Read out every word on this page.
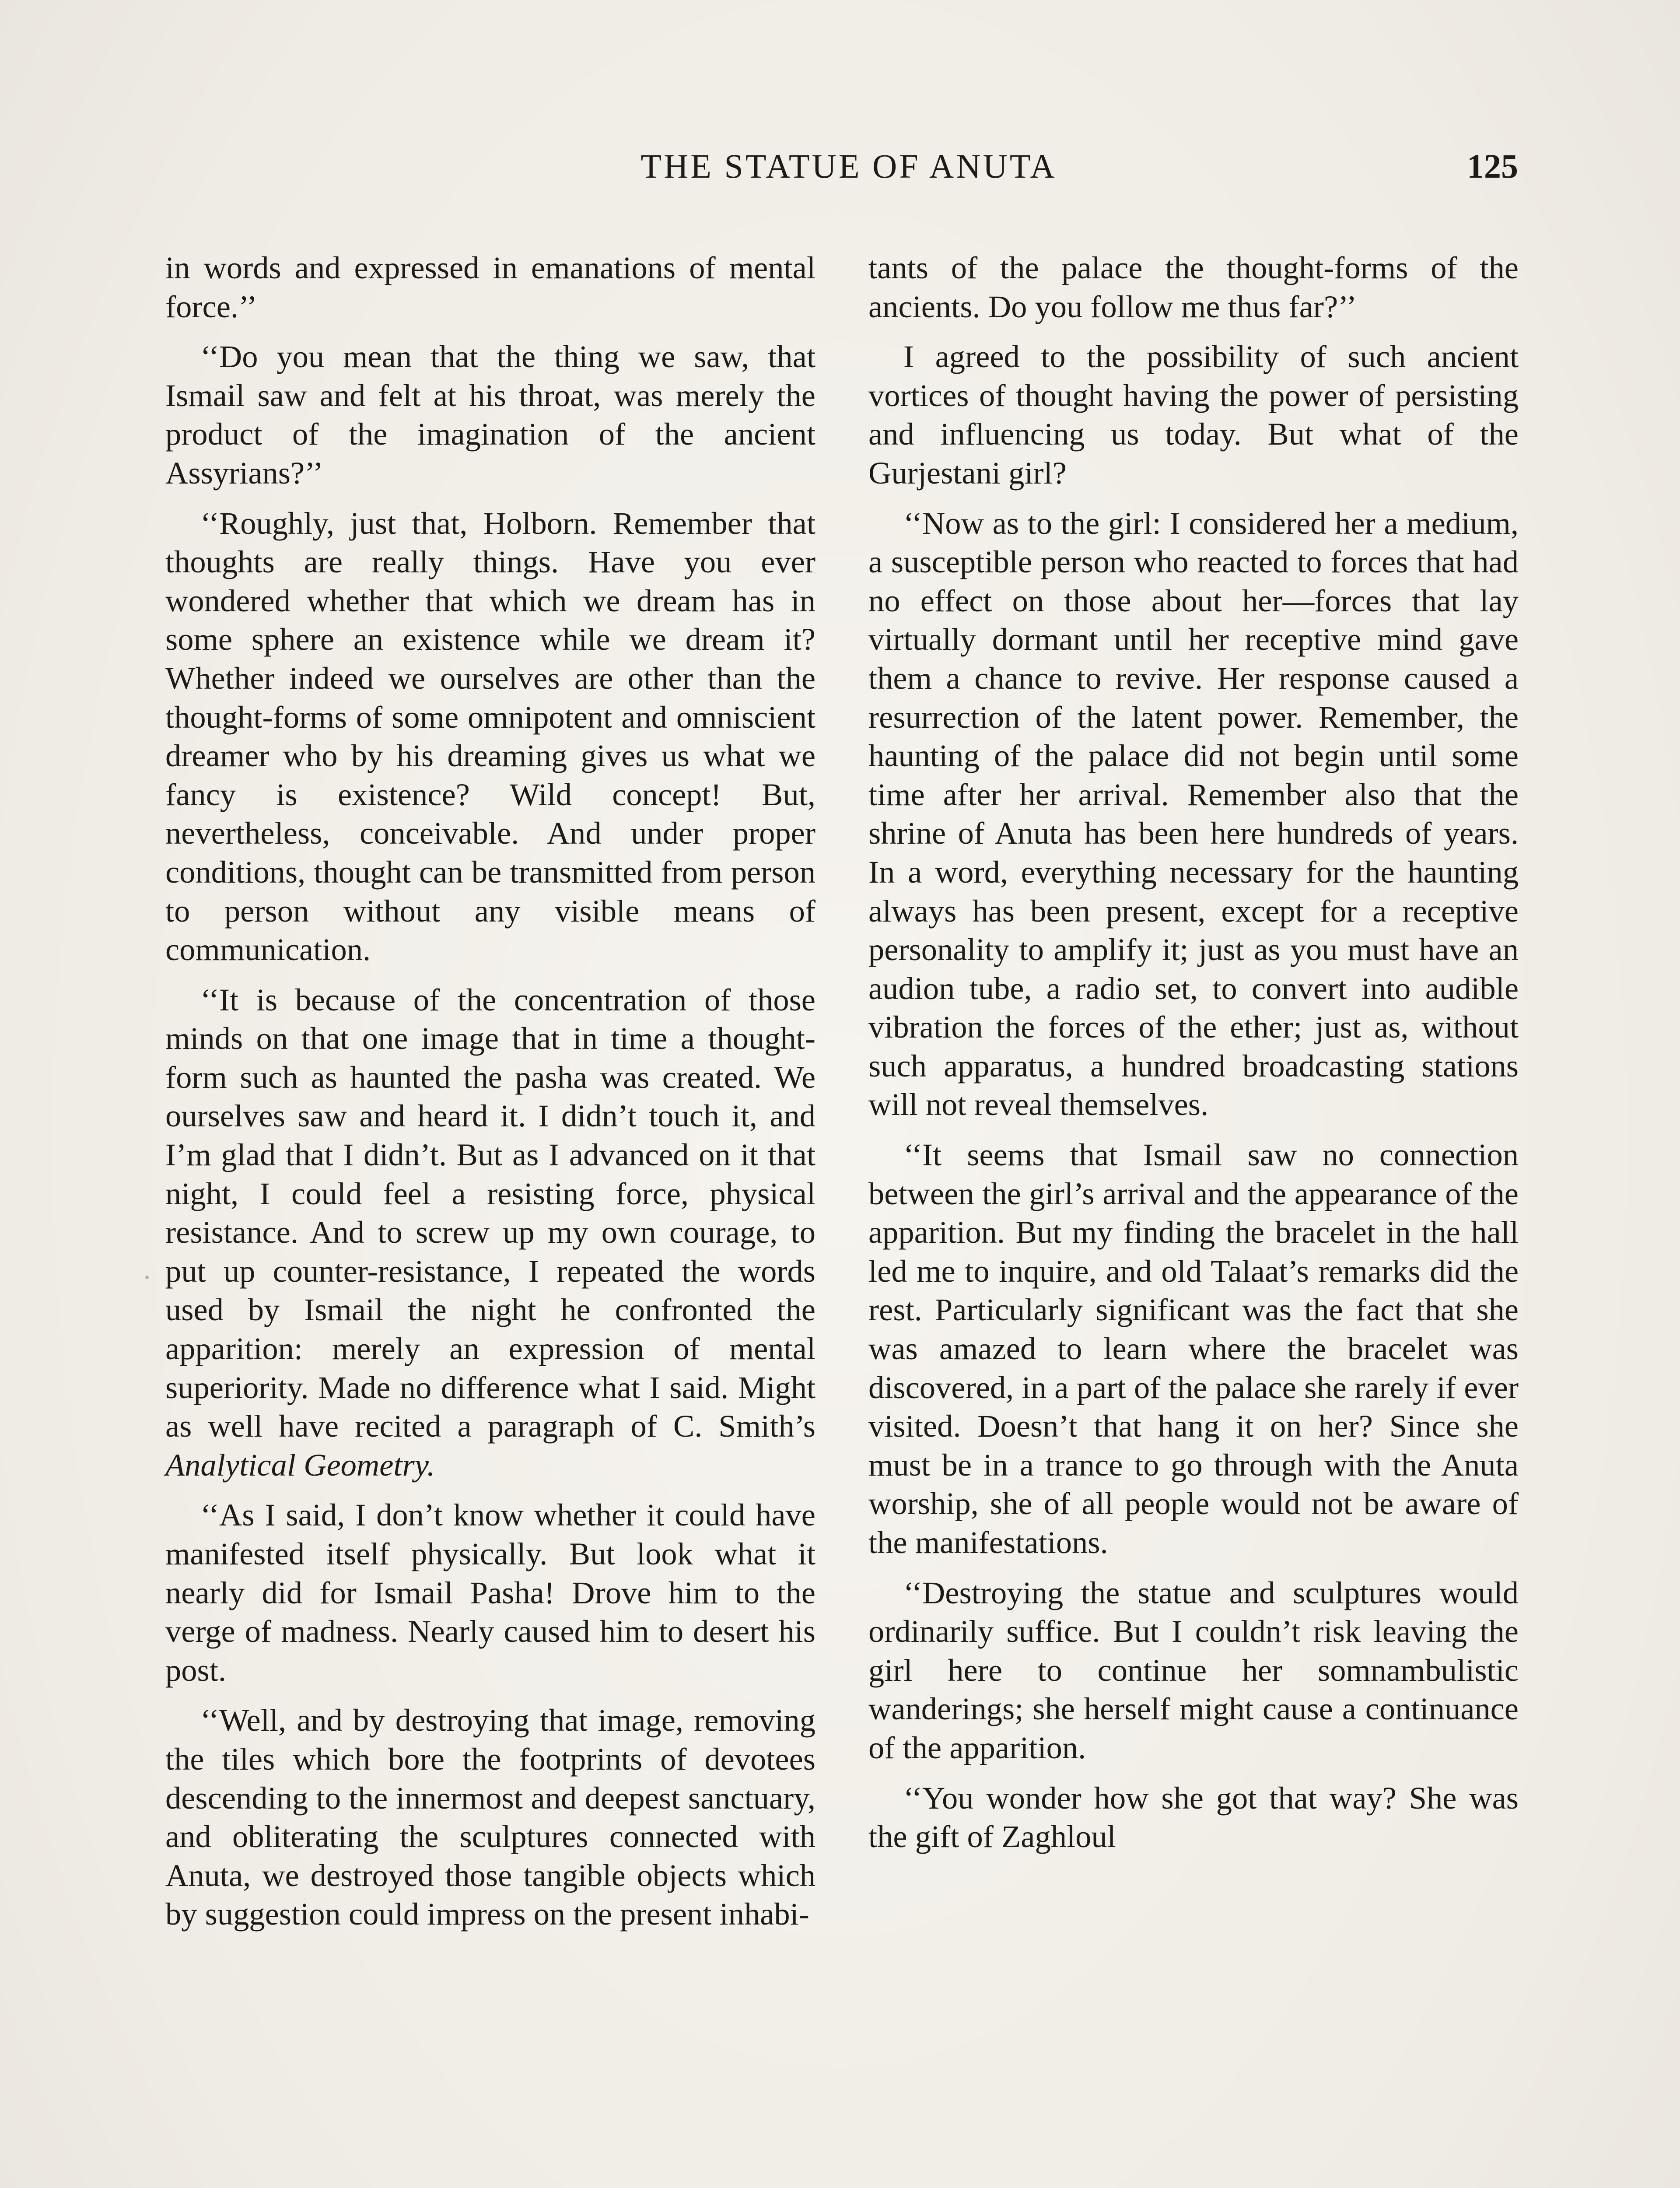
THE STATUE OF ANUTA	125

in words and expressed in emanations of mental force.’’

‘‘Do you mean that the thing we saw, that Ismail saw and felt at his throat, was merely the product of the imagination of the ancient Assyrians?’’

‘‘Roughly, just that, Holborn. Remember that thoughts are really things. Have you ever wondered whether that which we dream has in some sphere an existence while we dream it? Whether indeed we ourselves are other than the thought-forms of some omnipotent and omniscient dreamer who by his dreaming gives us what we fancy is existence? Wild concept! But, nevertheless, conceivable. And under proper conditions, thought can be transmitted from person to person without any visible means of communication.

‘‘It is because of the concentration of those minds on that one image that in time a thought-form such as haunted the pasha was created. We ourselves saw and heard it. I didn’t touch it, and I’m glad that I didn’t. But as I advanced on it that night, I could feel a resisting force, physical resistance. And to screw up my own courage, to put up counter-resistance, I repeated the words used by Ismail the night he confronted the apparition: merely an expression of mental superiority. Made no difference what I said. Might as well have recited a paragraph of C. Smith’s Analytical Geometry.

‘‘As I said, I don’t know whether it could have manifested itself physically. But look what it nearly did for Ismail Pasha! Drove him to the verge of madness. Nearly caused him to desert his post.

‘‘Well, and by destroying that image, removing the tiles which bore the footprints of devotees descending to the innermost and deepest sanctuary, and obliterating the sculptures connected with Anuta, we destroyed those tangible objects which by suggestion could impress on the present inhabi-

tants of the palace the thought-forms of the ancients. Do you follow me thus far?’’

I agreed to the possibility of such ancient vortices of thought having the power of persisting and influencing us today. But what of the Gurjestani girl?

‘‘Now as to the girl: I considered her a medium, a susceptible person who reacted to forces that had no effect on those about her—forces that lay virtually dormant until her receptive mind gave them a chance to revive. Her response caused a resurrection of the latent power. Remember, the haunting of the palace did not begin until some time after her arrival. Remember also that the shrine of Anuta has been here hundreds of years. In a word, everything necessary for the haunting always has been present, except for a receptive personality to amplify it; just as you must have an audion tube, a radio set, to convert into audible vibration the forces of the ether; just as, without such apparatus, a hundred broadcasting stations will not reveal themselves.

‘‘It seems that Ismail saw no connection between the girl’s arrival and the appearance of the apparition. But my finding the bracelet in the hall led me to inquire, and old Talaat’s remarks did the rest. Particularly significant was the fact that she was amazed to learn where the bracelet was discovered, in a part of the palace she rarely if ever visited. Doesn’t that hang it on her? Since she must be in a trance to go through with the Anuta worship, she of all people would not be aware of the manifestations.

‘‘Destroying the statue and sculptures would ordinarily suffice. But I couldn’t risk leaving the girl here to continue her somnambulistic wanderings; she herself might cause a continuance of the apparition.

‘‘You wonder how she got that way? She was the gift of Zaghloul
